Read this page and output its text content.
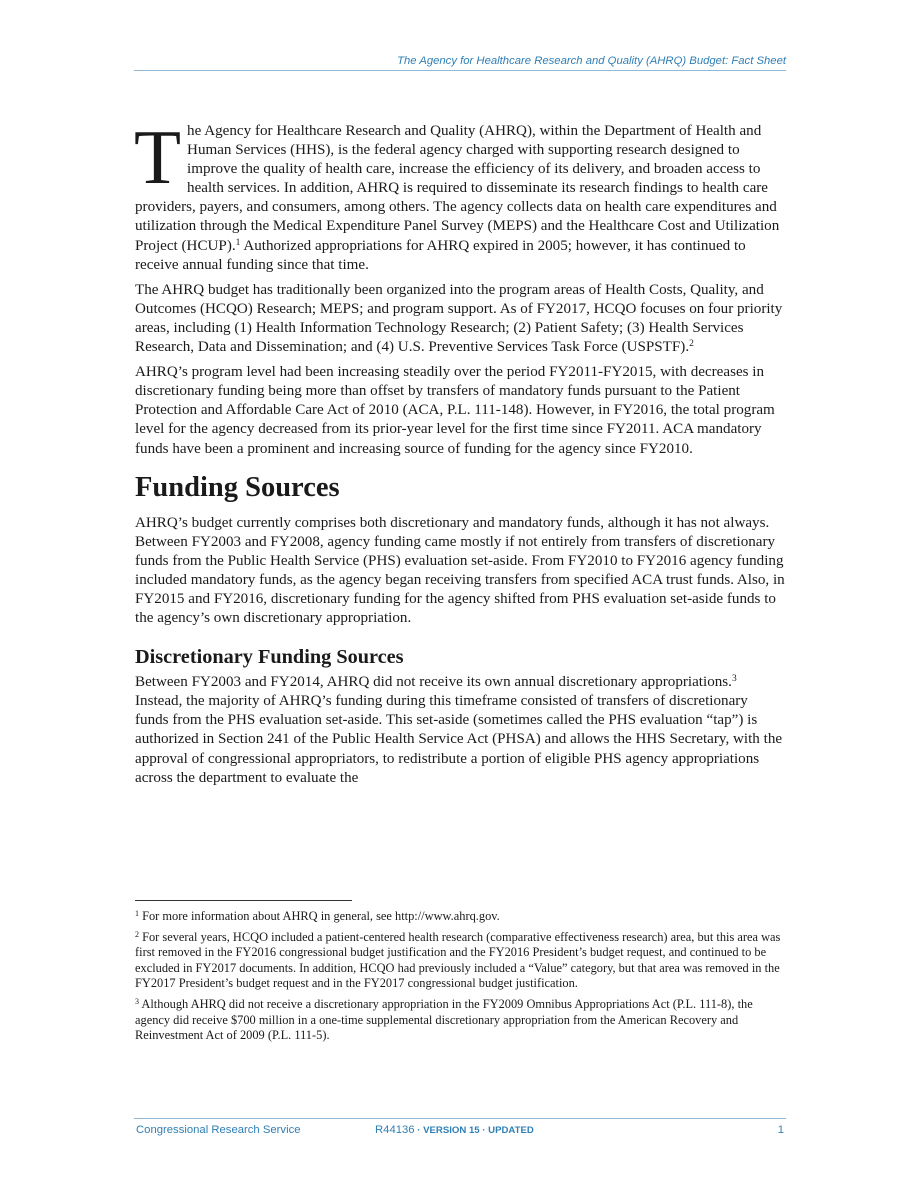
The Agency for Healthcare Research and Quality (AHRQ) Budget: Fact Sheet

The Agency for Healthcare Research and Quality (AHRQ), within the Department of Health and Human Services (HHS), is the federal agency charged with supporting research designed to improve the quality of health care, increase the efficiency of its delivery, and broaden access to health services. In addition, AHRQ is required to disseminate its research findings to health care providers, payers, and consumers, among others. The agency collects data on health care expenditures and utilization through the Medical Expenditure Panel Survey (MEPS) and the Healthcare Cost and Utilization Project (HCUP).$^1$ Authorized appropriations for AHRQ expired in 2005; however, it has continued to receive annual funding since that time.

The AHRQ budget has traditionally been organized into the program areas of Health Costs, Quality, and Outcomes (HCQO) Research; MEPS; and program support. As of FY2017, HCQO focuses on four priority areas, including (1) Health Information Technology Research; (2) Patient Safety; (3) Health Services Research, Data and Dissemination; and (4) U.S. Preventive Services Task Force (USPSTF).$^2$

AHRQ’s program level had been increasing steadily over the period FY2011-FY2015, with decreases in discretionary funding being more than offset by transfers of mandatory funds pursuant to the Patient Protection and Affordable Care Act of 2010 (ACA, P.L. 111-148). However, in FY2016, the total program level for the agency decreased from its prior-year level for the first time since FY2011. ACA mandatory funds have been a prominent and increasing source of funding for the agency since FY2010.

Funding Sources

AHRQ’s budget currently comprises both discretionary and mandatory funds, although it has not always. Between FY2003 and FY2008, agency funding came mostly if not entirely from transfers of discretionary funds from the Public Health Service (PHS) evaluation set-aside. From FY2010 to FY2016 agency funding included mandatory funds, as the agency began receiving transfers from specified ACA trust funds. Also, in FY2015 and FY2016, discretionary funding for the agency shifted from PHS evaluation set-aside funds to the agency’s own discretionary appropriation.

Discretionary Funding Sources

Between FY2003 and FY2014, AHRQ did not receive its own annual discretionary appropriations.$^3$ Instead, the majority of AHRQ’s funding during this timeframe consisted of transfers of discretionary funds from the PHS evaluation set-aside. This set-aside (sometimes called the PHS evaluation “tap”) is authorized in Section 241 of the Public Health Service Act (PHSA) and allows the HHS Secretary, with the approval of congressional appropriators, to redistribute a portion of eligible PHS agency appropriations across the department to evaluate the

$^1$ For more information about AHRQ in general, see http://www.ahrq.gov.

$^2$ For several years, HCQO included a patient-centered health research (comparative effectiveness research) area, but this area was first removed in the FY2016 congressional budget justification and the FY2016 President’s budget request, and continued to be excluded in FY2017 documents. In addition, HCQO had previously included a “Value” category, but that area was removed in the FY2017 President’s budget request and in the FY2017 congressional budget justification.

$^3$ Although AHRQ did not receive a discretionary appropriation in the FY2009 Omnibus Appropriations Act (P.L. 111-8), the agency did receive $700 million in a one-time supplemental discretionary appropriation from the American Recovery and Reinvestment Act of 2009 (P.L. 111-5).

Congressional Research Service	R44136 · VERSION 15 · UPDATED	1
